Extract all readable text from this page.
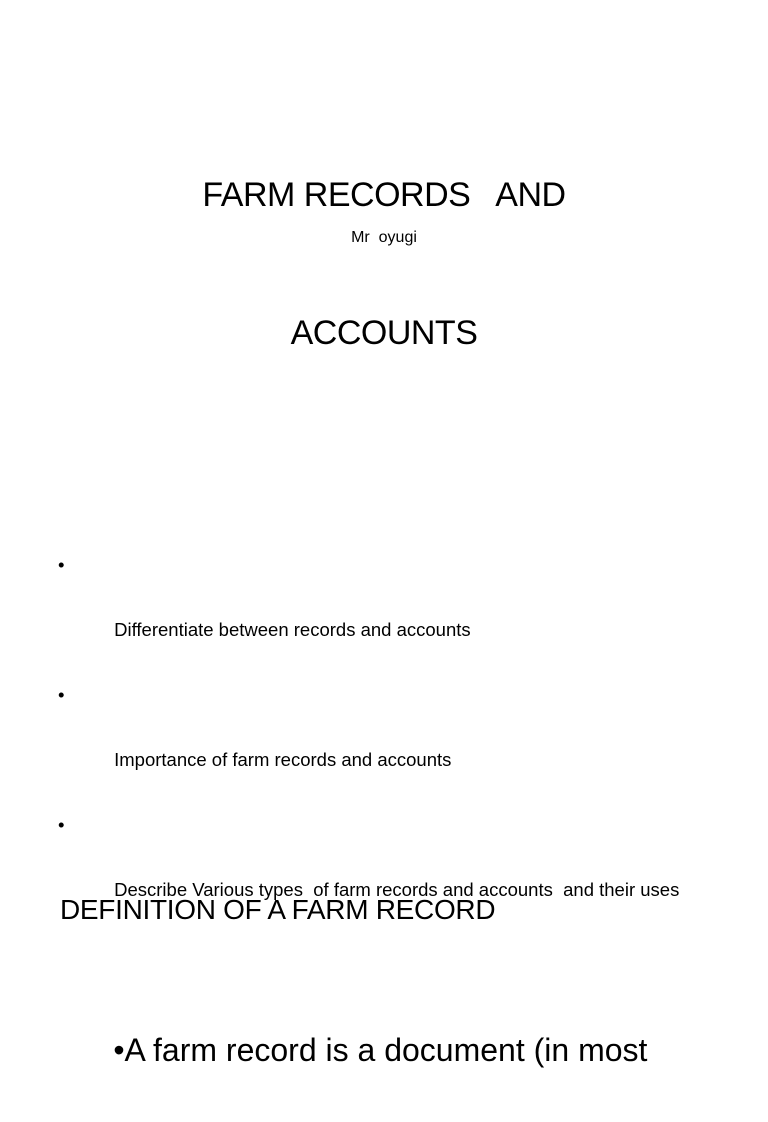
FARM RECORDS   AND

ACCOUNTS

Mr  oyugi

•

Differentiate between records and accounts

•

Importance of farm records and accounts

•

Describe Various types  of farm records and accounts  and their uses

DEFINITION OF A FARM RECORD

•A farm record is a document (in most
